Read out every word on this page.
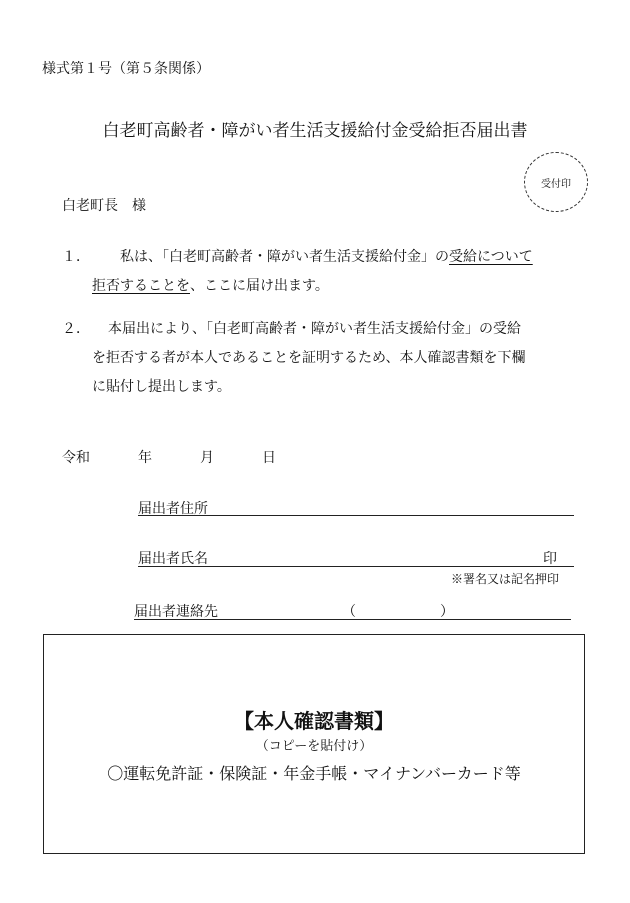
様式第１号（第５条関係）
白老町高齢者・障がい者生活支援給付金受給拒否届出書
受付印
白老町長　様
１． 私は、「白老町高齢者・障がい者生活支援給付金」の受給について
拒否することを、ここに届け出ます。
２． 本届出により、「白老町高齢者・障がい者生活支援給付金」の受給
を拒否する者が本人であることを証明するため、本人確認書類を下欄
に貼付し提出します。
令和	年	月	日
届出者住所
届出者氏名	印
※署名又は記名押印
届出者連絡先	（	）
【本人確認書類】
（コピーを貼付け）
〇運転免許証・保険証・年金手帳・マイナンバーカード等
